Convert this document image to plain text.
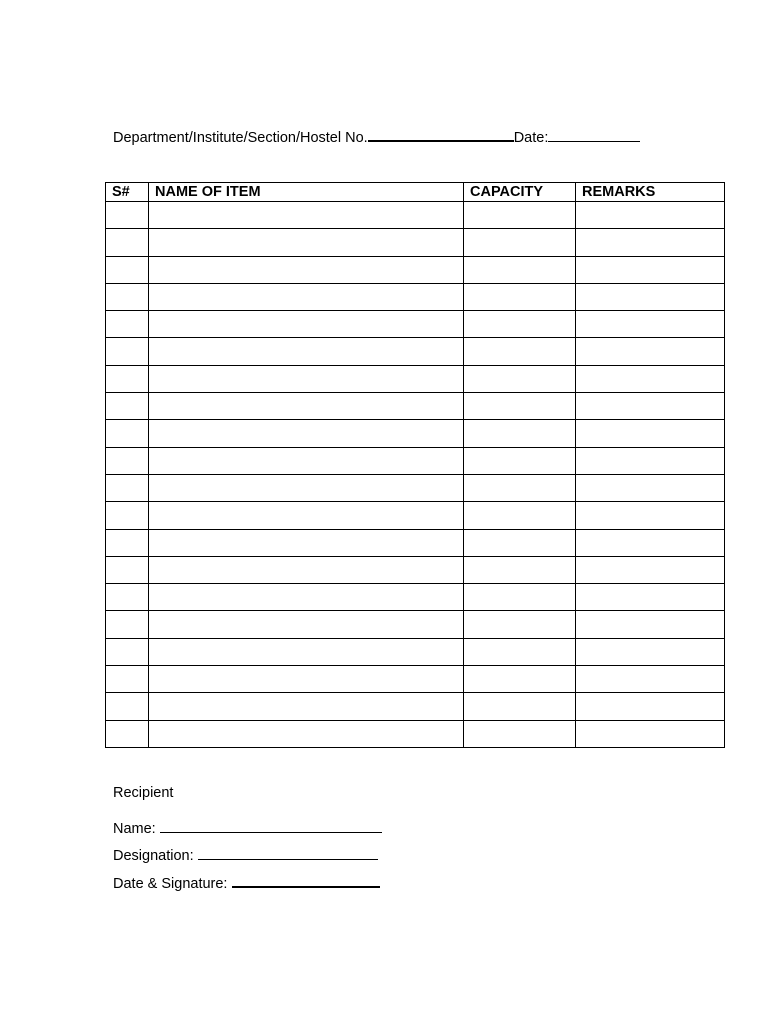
Department/Institute/Section/Hostel No.	Date:
S#	NAME OF ITEM	CAPACITY	REMARKS

Recipient
Name:
Designation:
Date & Signature:
